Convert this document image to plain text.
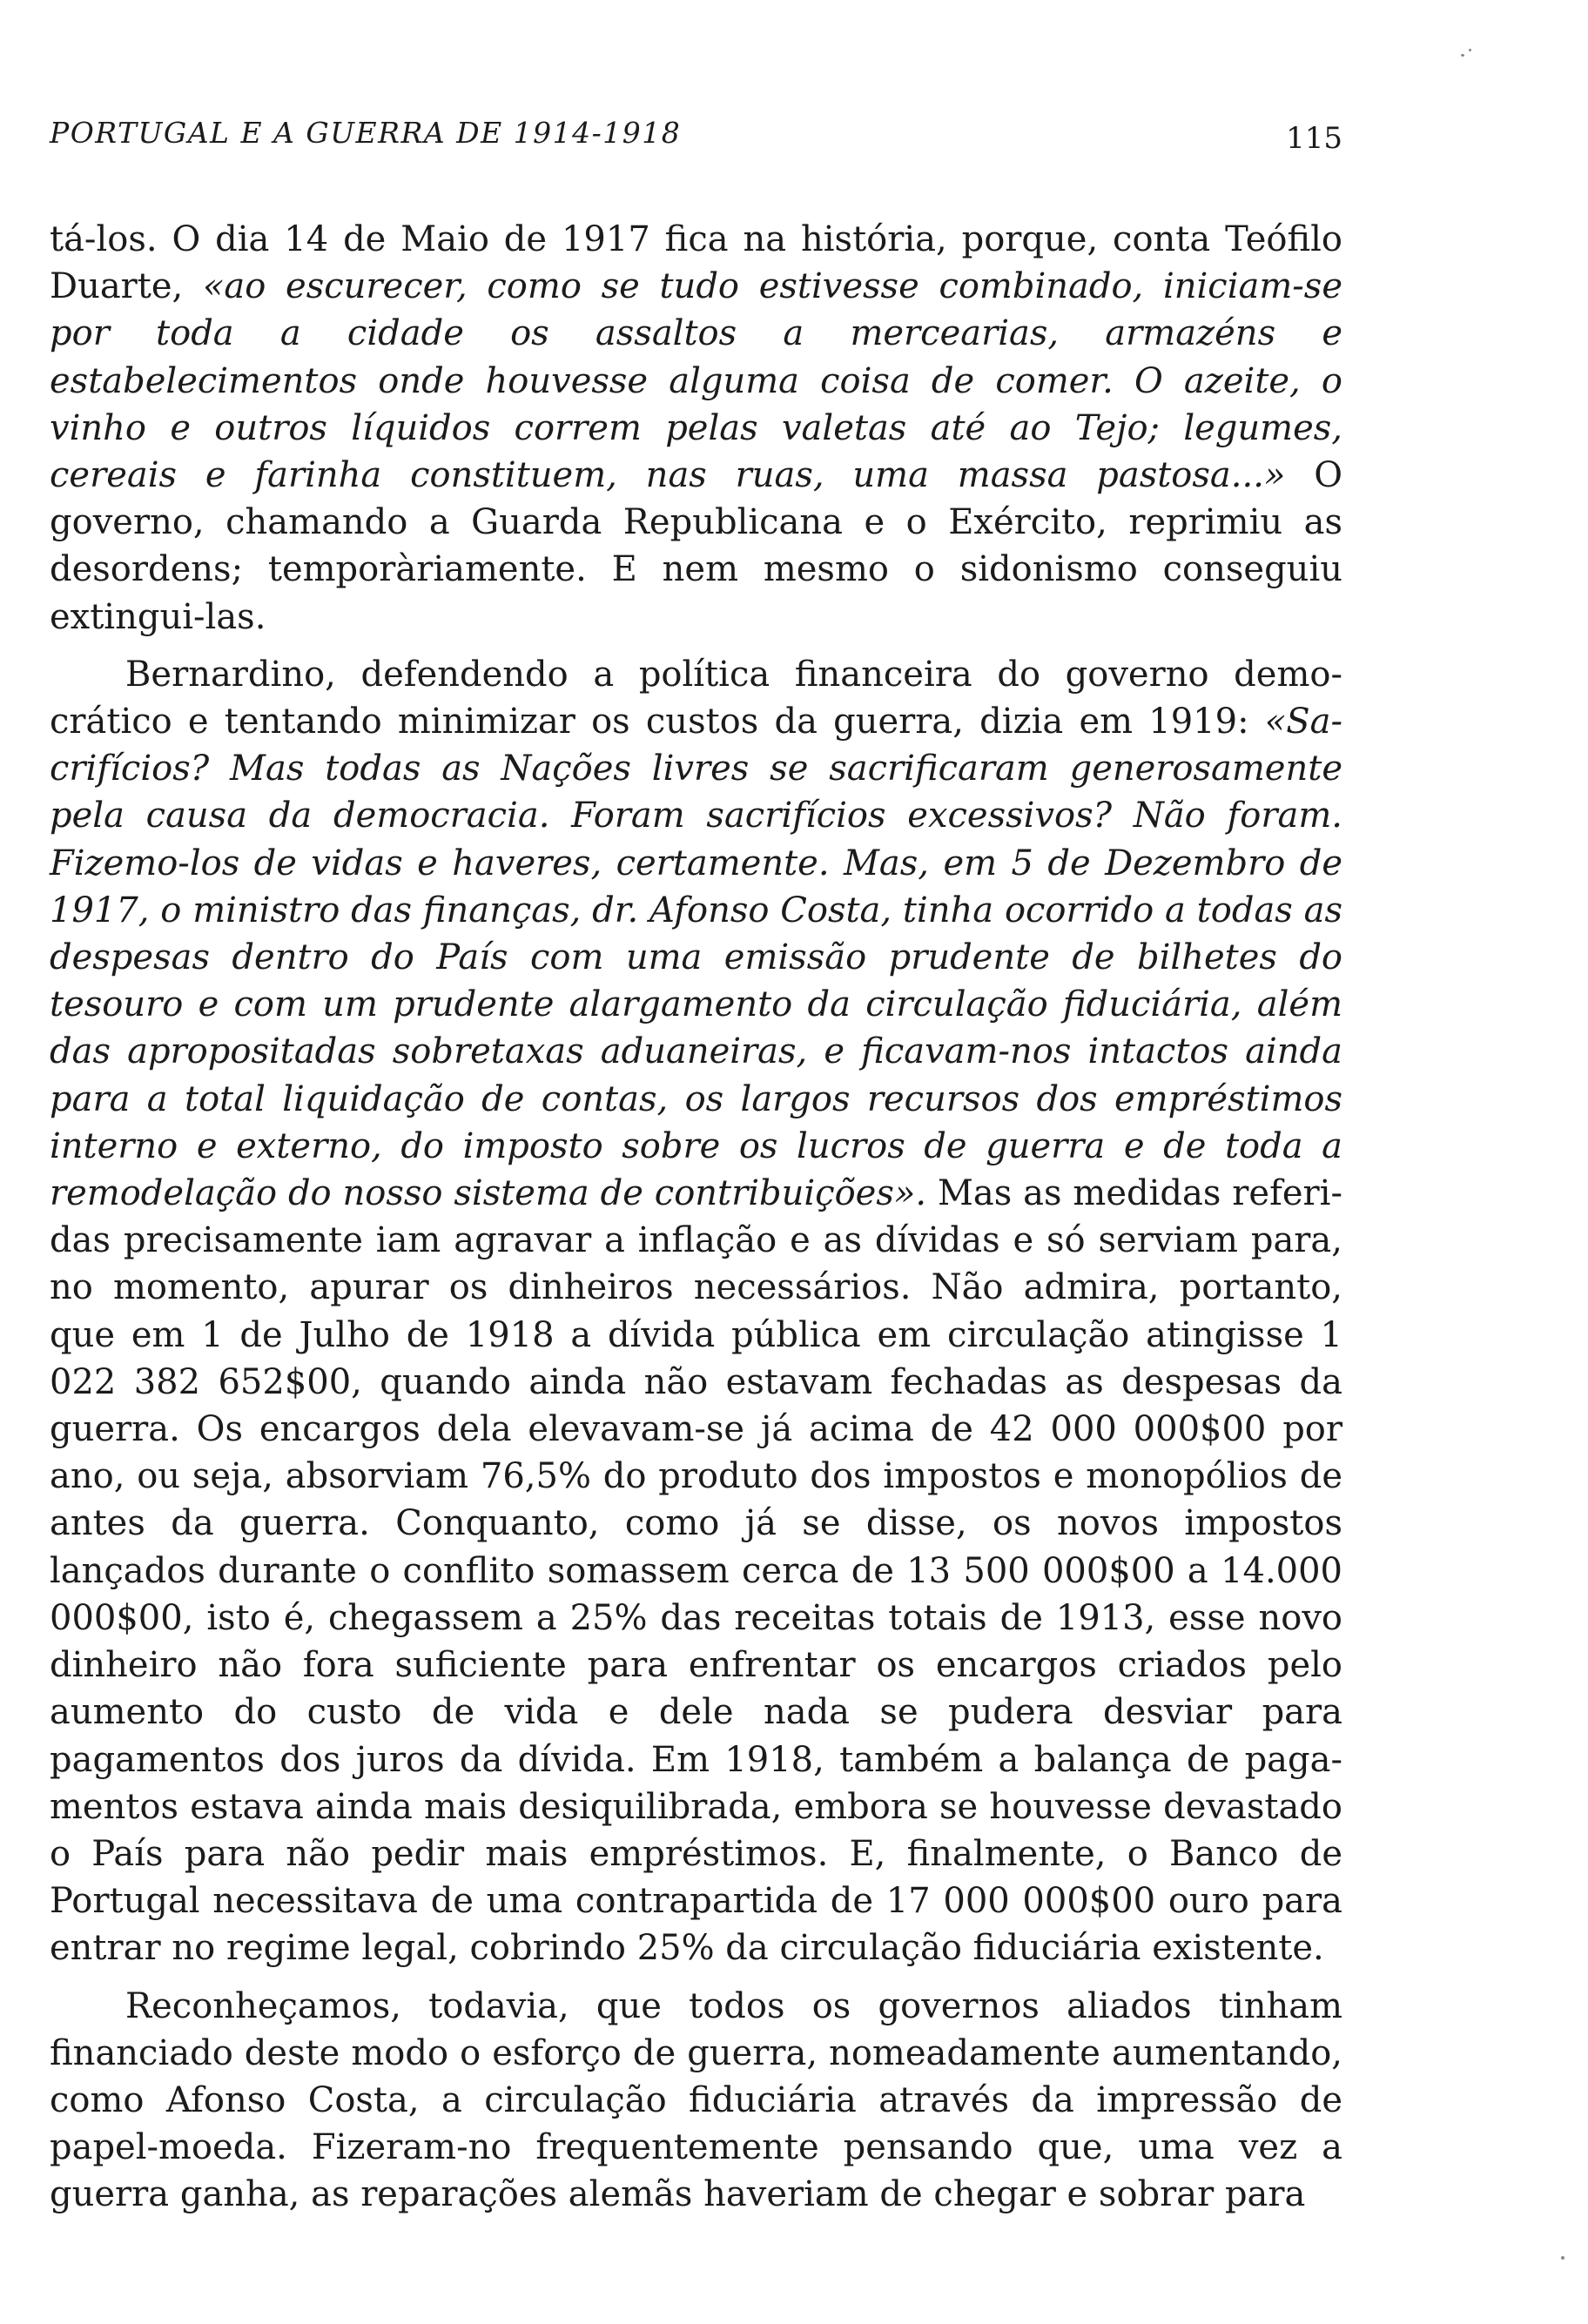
PORTUGAL E A GUERRA DE 1914-1918	115

tá-los. O dia 14 de Maio de 1917 fica na história, porque, conta Teófilo Duarte, «ao escurecer, como se tudo estivesse combinado, iniciam-se por toda a cidade os assaltos a mercearias, armazéns e estabelecimentos onde houvesse alguma coisa de comer. O azeite, o vinho e outros líquidos correm pelas valetas até ao Tejo; legumes, cereais e farinha constituem, nas ruas, uma massa pastosa...» O governo, chamando a Guarda Republicana e o Exército, reprimiu as desordens; temporàriamente. E nem mesmo o sidonismo conseguiu extingui-las.

Bernardino, defendendo a política financeira do governo democrático e tentando minimizar os custos da guerra, dizia em 1919: «Sacrifícios? Mas todas as Nações livres se sacrificaram generosamente pela causa da democracia. Foram sacrifícios excessivos? Não foram. Fizemo-los de vidas e haveres, certamente. Mas, em 5 de Dezembro de 1917, o ministro das finanças, dr. Afonso Costa, tinha ocorrido a todas as despesas dentro do País com uma emissão prudente de bilhetes do tesouro e com um prudente alargamento da circulação fiduciária, além das apropositadas sobretaxas aduaneiras, e ficavam-nos intactos ainda para a total liquidação de contas, os largos recursos dos empréstimos interno e externo, do imposto sobre os lucros de guerra e de toda a remodelação do nosso sistema de contribuições». Mas as medidas referidas precisamente iam agravar a inflação e as dívidas e só serviam para, no momento, apurar os dinheiros necessários. Não admira, portanto, que em 1 de Julho de 1918 a dívida pública em circulação atingisse 1 022 382 652$00, quando ainda não estavam fechadas as despesas da guerra. Os encargos dela elevavam-se já acima de 42 000 000$00 por ano, ou seja, absorviam 76,5% do produto dos impostos e monopólios de antes da guerra. Conquanto, como já se disse, os novos impostos lançados durante o conflito somassem cerca de 13 500 000$00 a 14.000 000$00, isto é, chegassem a 25% das receitas totais de 1913, esse novo dinheiro não fora suficiente para enfrentar os encargos criados pelo aumento do custo de vida e dele nada se pudera desviar para pagamentos dos juros da dívida. Em 1918, também a balança de pagamentos estava ainda mais desiquilibrada, embora se houvesse devastado o País para não pedir mais empréstimos. E, finalmente, o Banco de Portugal necessitava de uma contrapartida de 17 000 000$00 ouro para entrar no regime legal, cobrindo 25% da circulação fiduciária existente.

Reconheçamos, todavia, que todos os governos aliados tinham financiado deste modo o esforço de guerra, nomeadamente aumentando, como Afonso Costa, a circulação fiduciária através da impressão de papel-moeda. Fizeram-no frequentemente pensando que, uma vez a guerra ganha, as reparações alemãs haveriam de chegar e sobrar para
